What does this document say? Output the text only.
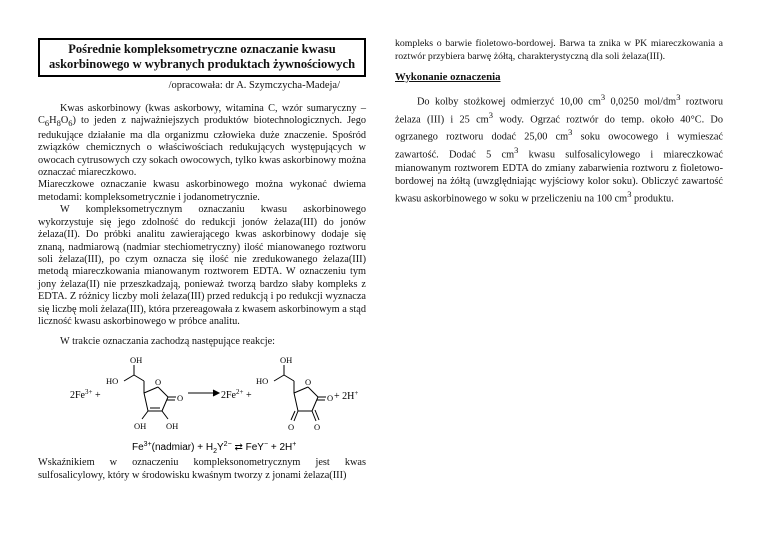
Pośrednie kompleksometryczne oznaczanie kwasu
askorbinowego w wybranych produktach żywnościowych
/opracowała: dr A. Szymczycha-Madeja/

Kwas askorbinowy (kwas askorbowy, witamina C, wzór sumaryczny – $C_6H_8O_6$) to jeden z najważniejszych produktów biotechnologicznych. Jego redukujące działanie ma dla organizmu człowieka duże znaczenie. Spośród związków chemicznych o właściwościach redukujących występujących w owocach cytrusowych czy sokach owocowych, tylko kwas askorbinowy można oznaczać miareczkowo.

Miareczkowe oznaczanie kwasu askorbinowego można wykonać dwiema metodami: kompleksometrycznie i jodanometrycznie.

W kompleksometrycznym oznaczaniu kwasu askorbinowego wykorzystuje się jego zdolność do redukcji jonów żelaza(III) do jonów żelaza(II). Do próbki analitu zawierającego kwas askorbinowy dodaje się znaną, nadmiarową (nadmiar stechiometryczny) ilość mianowanego roztworu soli żelaza(III), po czym oznacza się ilość nie zredukowanego żelaza(III) metodą miareczkowania mianowanym roztworem EDTA. W oznaczeniu tym jony żelaza(II) nie przeszkadzają, ponieważ tworzą bardzo słaby kompleks z EDTA. Z różnicy liczby moli żelaza(III) przed redukcją i po redukcji wyznacza się liczbę moli żelaza(III), która przereagowała z kwasem askorbinowym a stąd liczność kwasu askorbinowego w próbce analitu.

W trakcie oznaczania zachodzą następujące reakcje:

$2Fe^{3+}$ +
OH
HO	O
O
OH OH
$2Fe^{2+}$ +
OH
HO	O
O
O O
+ 2H+
$Fe^{3+}(nadmiar) + H_2Y^{2-}$ ⇄ FeY− + 2H+

Wskaźnikiem w oznaczeniu kompleksonometrycznym jest kwas sulfosalicylowy, który w środowisku kwaśnym tworzy z jonami żelaza(III)

kompleks o barwie fioletowo-bordowej. Barwa ta znika w PK miareczkowania a roztwór przybiera barwę żółtą, charakterystyczną dla soli żelaza(III).

Wykonanie oznaczenia

Do kolby stożkowej odmierzyć 10,00 $cm^3$ 0,0250 mol/$dm^3$ roztworu żelaza (III) i 25 $cm^3$ wody. Ogrzać roztwór do temp. około 40°C. Do ogrzanego roztworu dodać 25,00 $cm^3$ soku owocowego i wymieszać zawartość. Dodać 5 $cm^3$ kwasu sulfosalicylowego i miareczkować mianowanym roztworem EDTA do zmiany zabarwienia roztworu z fioletowo-bordowej na żółtą (uwzględniając wyjściowy kolor soku). Obliczyć zawartość kwasu askorbinowego w soku w przeliczeniu na 100 $cm^3$ produktu.
